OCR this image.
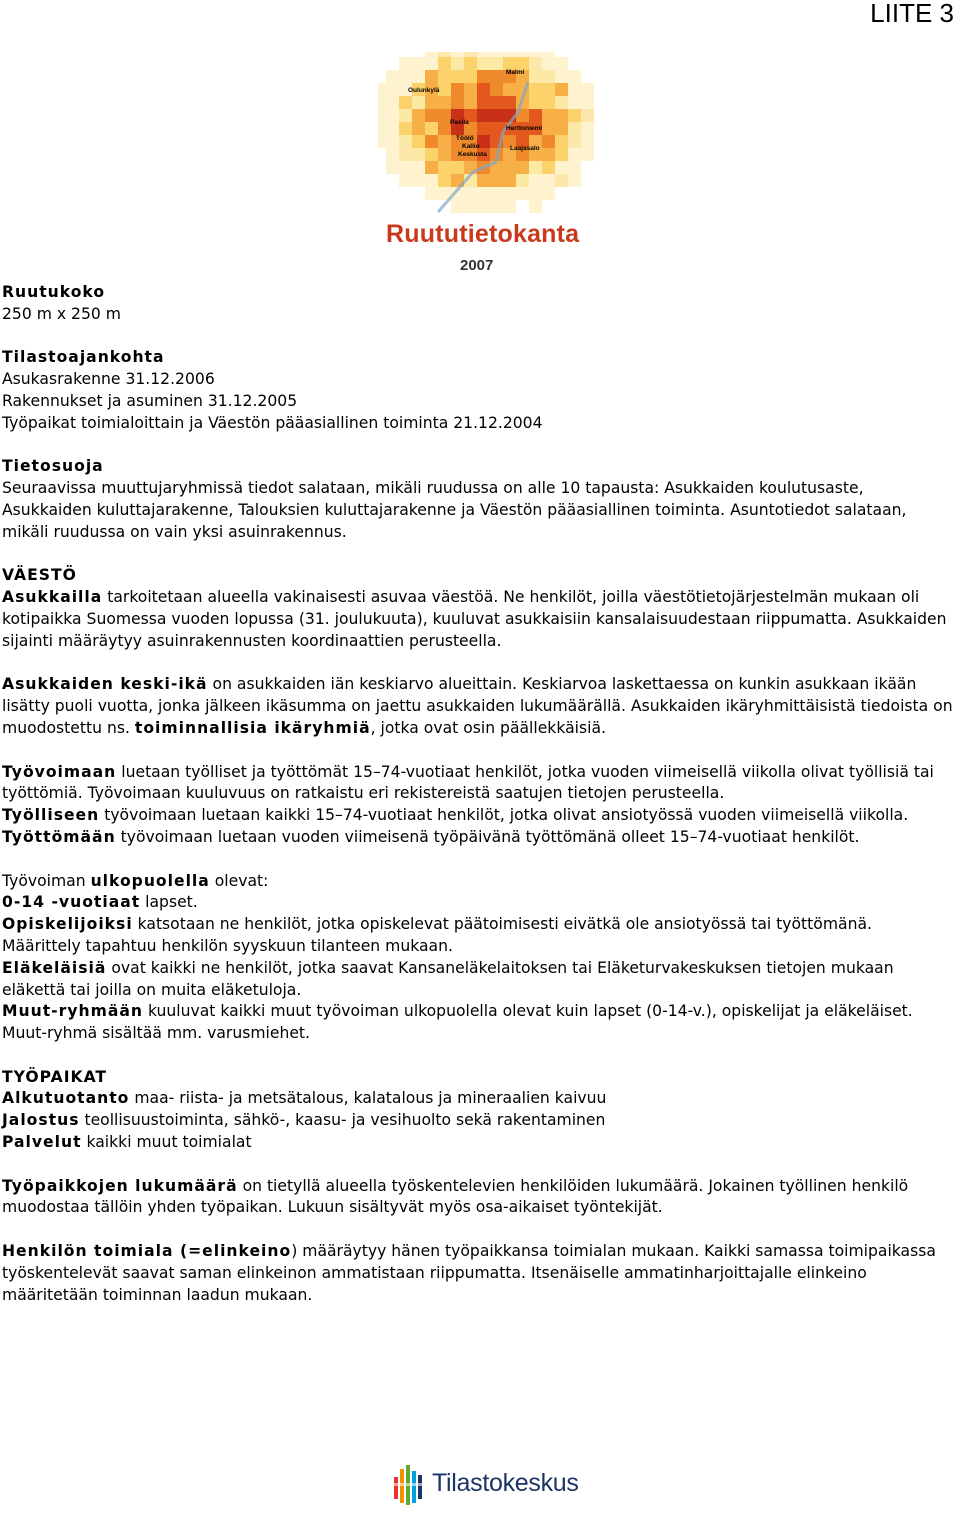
LIITE 3
Malmi
Pasila
Herttoniemi
Töölö
Kallio
Keskusta
Laajasalo
Oulunkylä
Ruututietokanta
2007

Ruutukoko

250 m x 250 m

Tilastoajankohta

Asukasrakenne 31.12.2006

Rakennukset ja asuminen 31.12.2005

Työpaikat toimialoittain ja Väestön pääasiallinen toiminta 21.12.2004

Tietosuoja

Seuraavissa muuttujaryhmissä tiedot salataan, mikäli ruudussa on alle 10 tapausta: Asukkaiden koulutusaste, Asukkaiden kuluttajarakenne, Talouksien kuluttajarakenne ja Väestön pääasiallinen toiminta. Asuntotiedot salataan, mikäli ruudussa on vain yksi asuinrakennus.

VÄESTÖ

Asukkailla tarkoitetaan alueella vakinaisesti asuvaa väestöä. Ne henkilöt, joilla väestötietojärjestelmän mukaan oli kotipaikka Suomessa vuoden lopussa (31. joulukuuta), kuuluvat asukkaisiin kansalaisuudestaan riippumatta. Asukkaiden sijainti määräytyy asuinrakennusten koordinaattien perusteella.

Asukkaiden keski-ikä on asukkaiden iän keskiarvo alueittain. Keskiarvoa laskettaessa on kunkin asukkaan ikään lisätty puoli vuotta, jonka jälkeen ikäsumma on jaettu asukkaiden lukumäärällä. Asukkaiden ikäryhmittäisistä tiedoista on muodostettu ns. toiminnallisia ikäryhmiä, jotka ovat osin päällekkäisiä.

Työvoimaan luetaan työlliset ja työttömät 15–74-vuotiaat henkilöt, jotka vuoden viimeisellä viikolla olivat työllisiä tai työttömiä. Työvoimaan kuuluvuus on ratkaistu eri rekistereistä saatujen tietojen perusteella.

Työlliseen työvoimaan luetaan kaikki 15–74-vuotiaat henkilöt, jotka olivat ansiotyössä vuoden viimeisellä viikolla.

Työttömään työvoimaan luetaan vuoden viimeisenä työpäivänä työttömänä olleet 15–74-vuotiaat henkilöt.

Työvoiman ulkopuolella olevat:

0-14 -vuotiaat lapset.

Opiskelijoiksi katsotaan ne henkilöt, jotka opiskelevat päätoimisesti eivätkä ole ansiotyössä tai työttömänä. Määrittely tapahtuu henkilön syyskuun tilanteen mukaan.

Eläkeläisiä ovat kaikki ne henkilöt, jotka saavat Kansaneläkelaitoksen tai Eläketurvakeskuksen tietojen mukaan eläkettä tai joilla on muita eläketuloja.

Muut-ryhmään kuuluvat kaikki muut työvoiman ulkopuolella olevat kuin lapset (0-14-v.), opiskelijat ja eläkeläiset. Muut-ryhmä sisältää mm. varusmiehet.

TYÖPAIKAT

Alkutuotanto maa- riista- ja metsätalous, kalatalous ja mineraalien kaivuu

Jalostus teollisuustoiminta, sähkö-, kaasu- ja vesihuolto sekä rakentaminen

Palvelut kaikki muut toimialat

Työpaikkojen lukumäärä on tietyllä alueella työskentelevien henkilöiden lukumäärä. Jokainen työllinen henkilö muodostaa tällöin yhden työpaikan. Lukuun sisältyvät myös osa-aikaiset työntekijät.

Henkilön toimiala (=elinkeino) määräytyy hänen työpaikkansa toimialan mukaan. Kaikki samassa toimipaikassa työskentelevät saavat saman elinkeinon ammatistaan riippumatta. Itsenäiselle ammatinharjoittajalle elinkeino määritetään toiminnan laadun mukaan.

Tilastokeskus
